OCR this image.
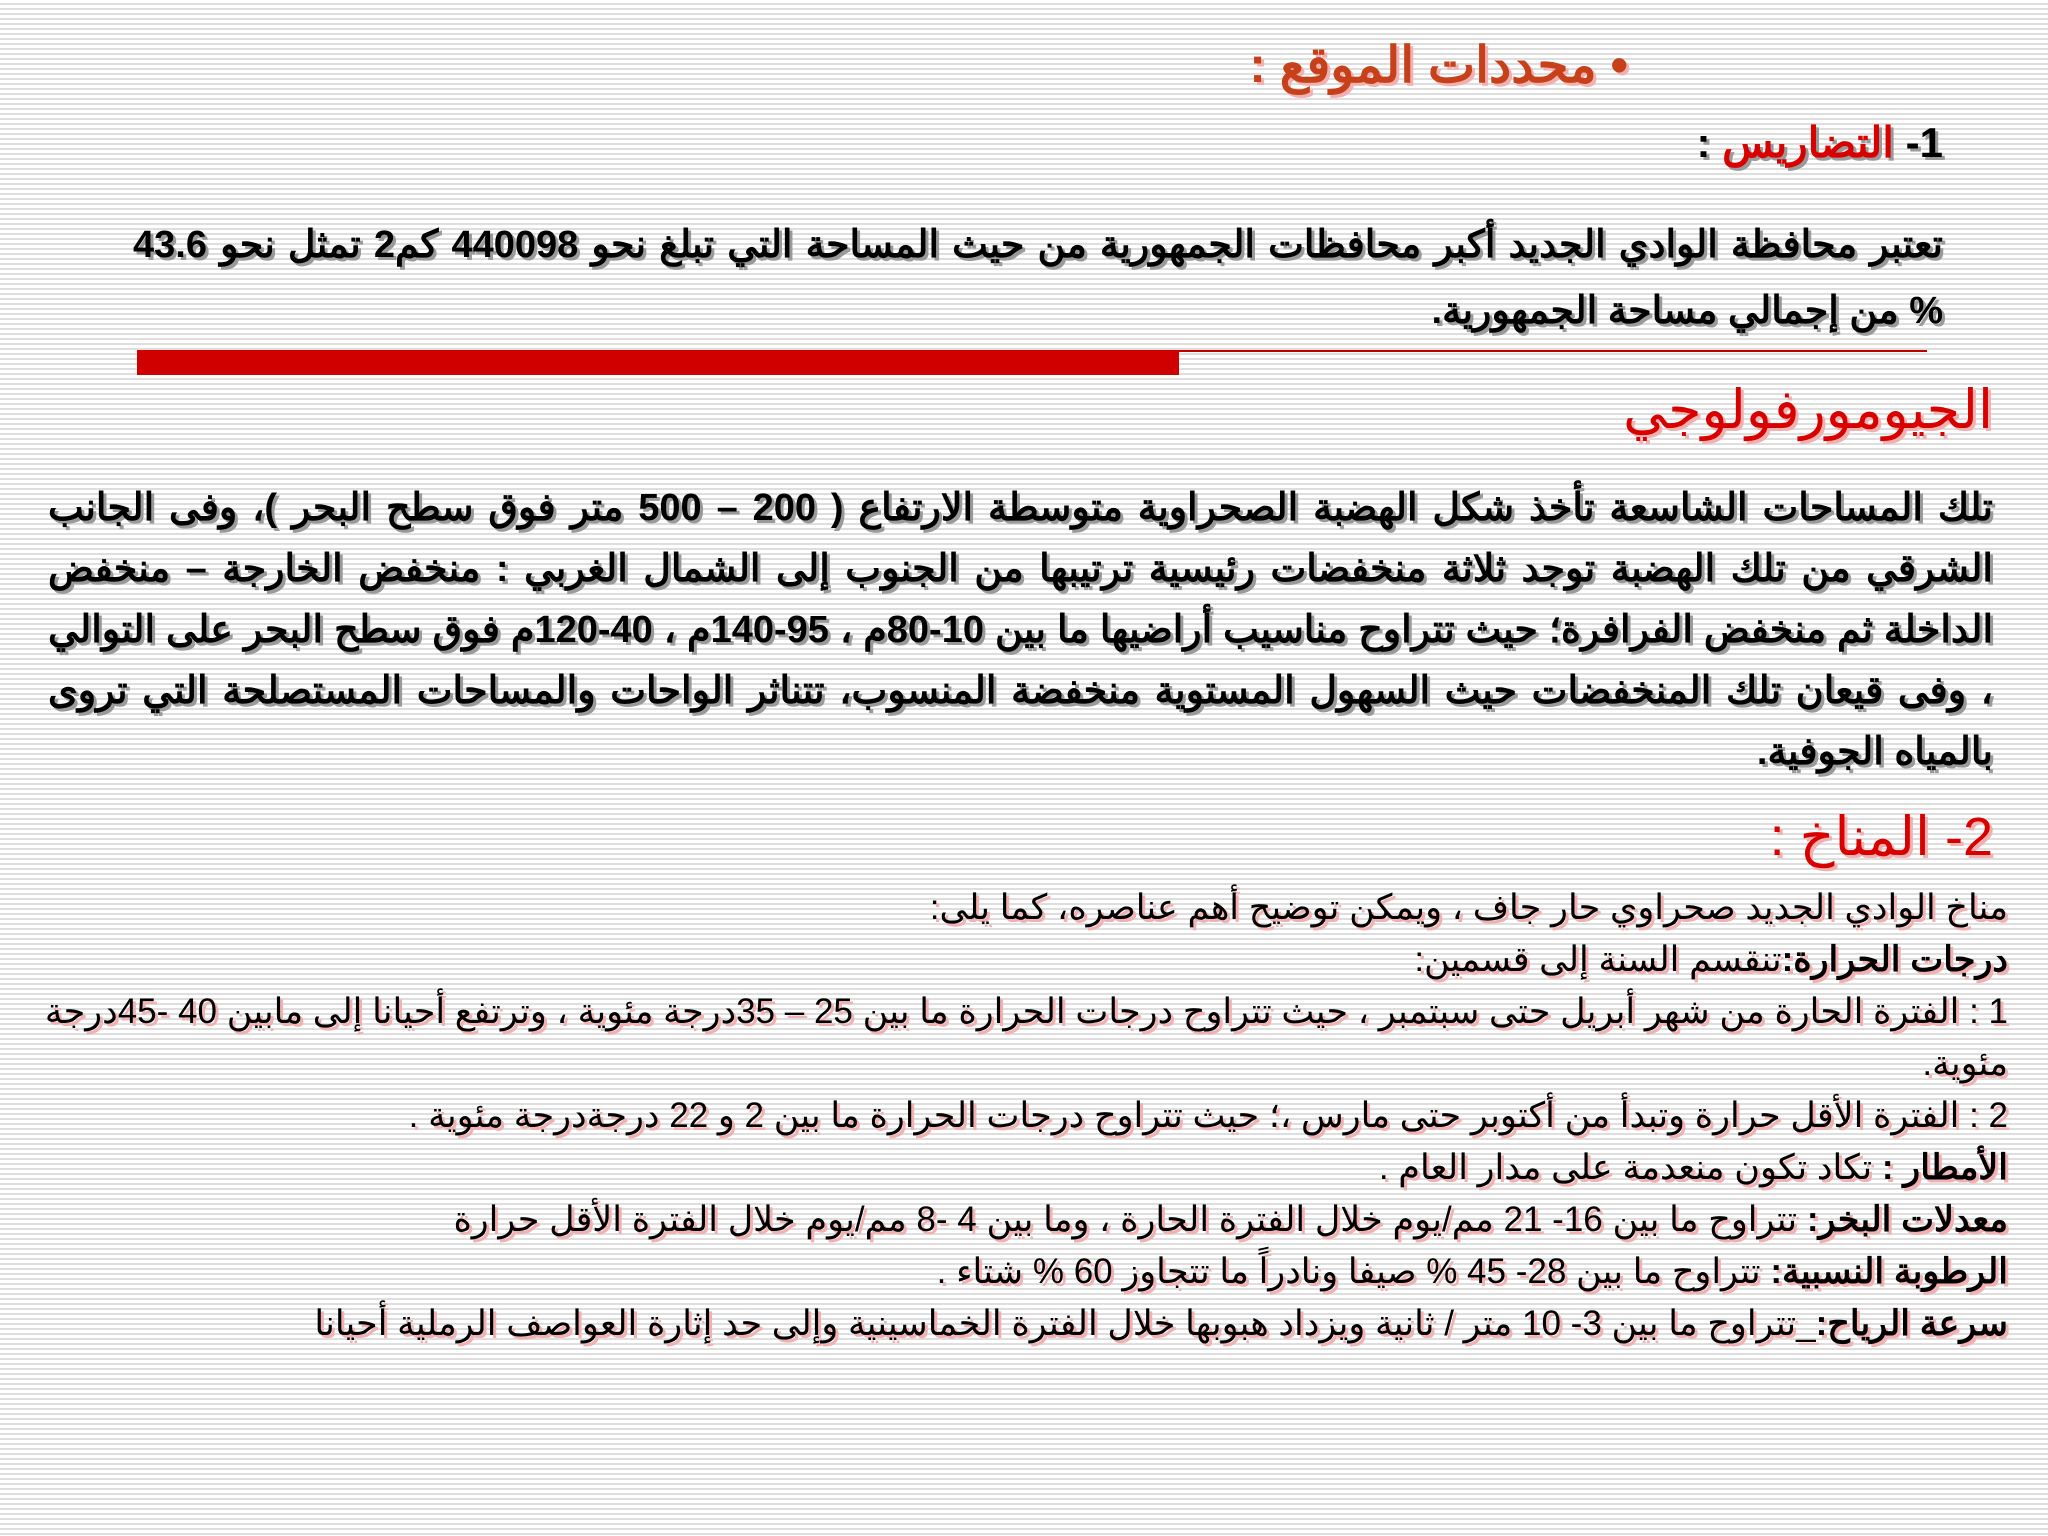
• محددات الموقع :
1- التضاريس :
تعتبر محافظة الوادي الجديد أكبر محافظات الجمهورية من حيث المساحة التي تبلغ نحو 440098 كم2 تمثل نحو 43.6 % من إجمالي مساحة الجمهورية.
الجيومورفولوجي
تلك المساحات الشاسعة تأخذ شكل الهضبة الصحراوية متوسطة الارتفاع ( 200 – 500 متر فوق سطح البحر )، وفى الجانب الشرقي من تلك الهضبة توجد ثلاثة منخفضات رئيسية ترتيبها من الجنوب إلى الشمال الغربي : منخفض الخارجة – منخفض الداخلة ثم منخفض الفرافرة؛ حيث تتراوح مناسيب أراضيها ما بين 10-80م ، 95-140م ، 40-120م فوق سطح البحر على التوالي ، وفى قيعان تلك المنخفضات حيث السهول المستوية منخفضة المنسوب، تتناثر الواحات والمساحات المستصلحة التي تروى بالمياه الجوفية.
2- المناخ :
مناخ الوادي الجديد صحراوي حار جاف ، ويمكن توضيح أهم عناصره، كما يلى:
درجات الحرارة:تنقسم السنة إلى قسمين:
1 : الفترة الحارة من شهر أبريل حتى سبتمبر ، حيث تتراوح درجات الحرارة ما بين 25 – 35درجة مئوية ، وترتفع أحيانا إلى مابين 40 -45درجة مئوية.
2 : الفترة الأقل حرارة وتبدأ من أكتوبر حتى مارس ،؛ حيث تتراوح درجات الحرارة ما بين 2 و 22 درجةدرجة مئوية .
الأمطار : تكاد تكون منعدمة على مدار العام .
معدلات البخر: تتراوح ما بين 16- 21 مم/يوم خلال الفترة الحارة ، وما بين 4 -8 مم/يوم خلال الفترة الأقل حرارة
الرطوبة النسبية: تتراوح ما بين 28- 45 % صيفا ونادراً ما تتجاوز 60 % شتاء .
سرعة الرياح:_تتراوح ما بين 3- 10 متر / ثانية ويزداد هبوبها خلال الفترة الخماسينية وإلى حد إثارة العواصف الرملية أحيانا
